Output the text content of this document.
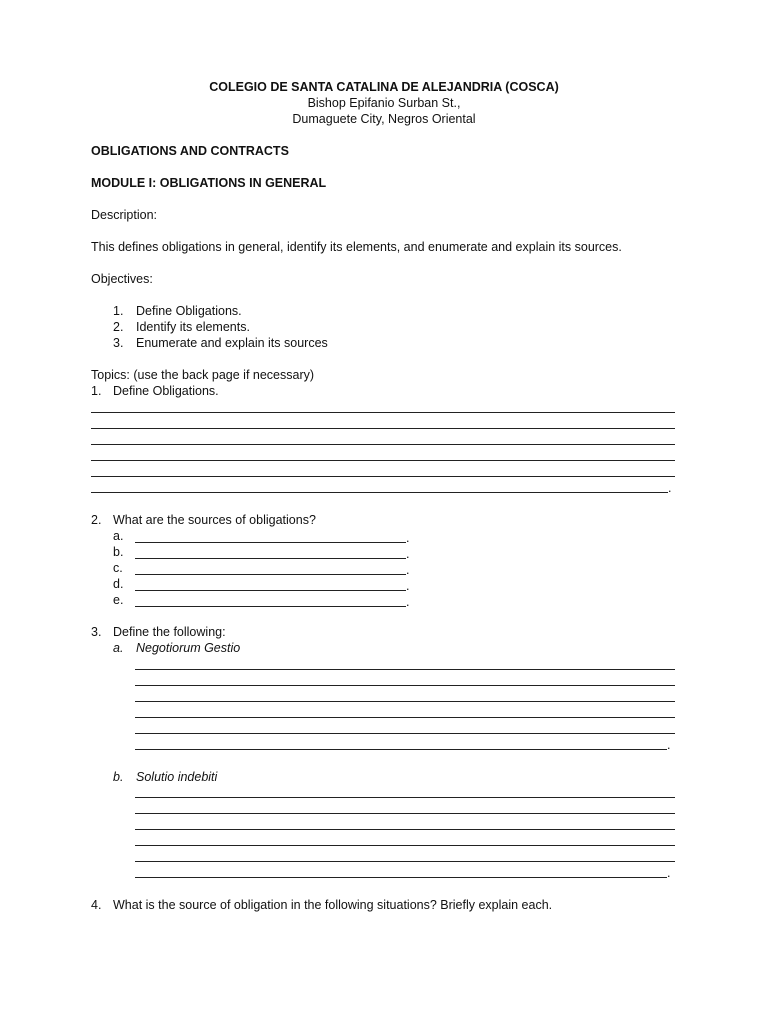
COLEGIO DE SANTA CATALINA DE ALEJANDRIA (COSCA)
Bishop Epifanio Surban St.,
Dumaguete City, Negros Oriental
OBLIGATIONS AND CONTRACTS
MODULE I: OBLIGATIONS IN GENERAL
Description:
This defines obligations in general, identify its elements, and enumerate and explain its sources.
Objectives:
1. Define Obligations.
2. Identify its elements.
3. Enumerate and explain its sources
Topics: (use the back page if necessary)
1. Define Obligations.
.
2. What are the sources of obligations?
a.	.
b.	.
c.	.
d.	.
e.	.
3. Define the following:
a. Negotiorum Gestio
.
b. Solutio indebiti
.
4. What is the source of obligation in the following situations? Briefly explain each.
